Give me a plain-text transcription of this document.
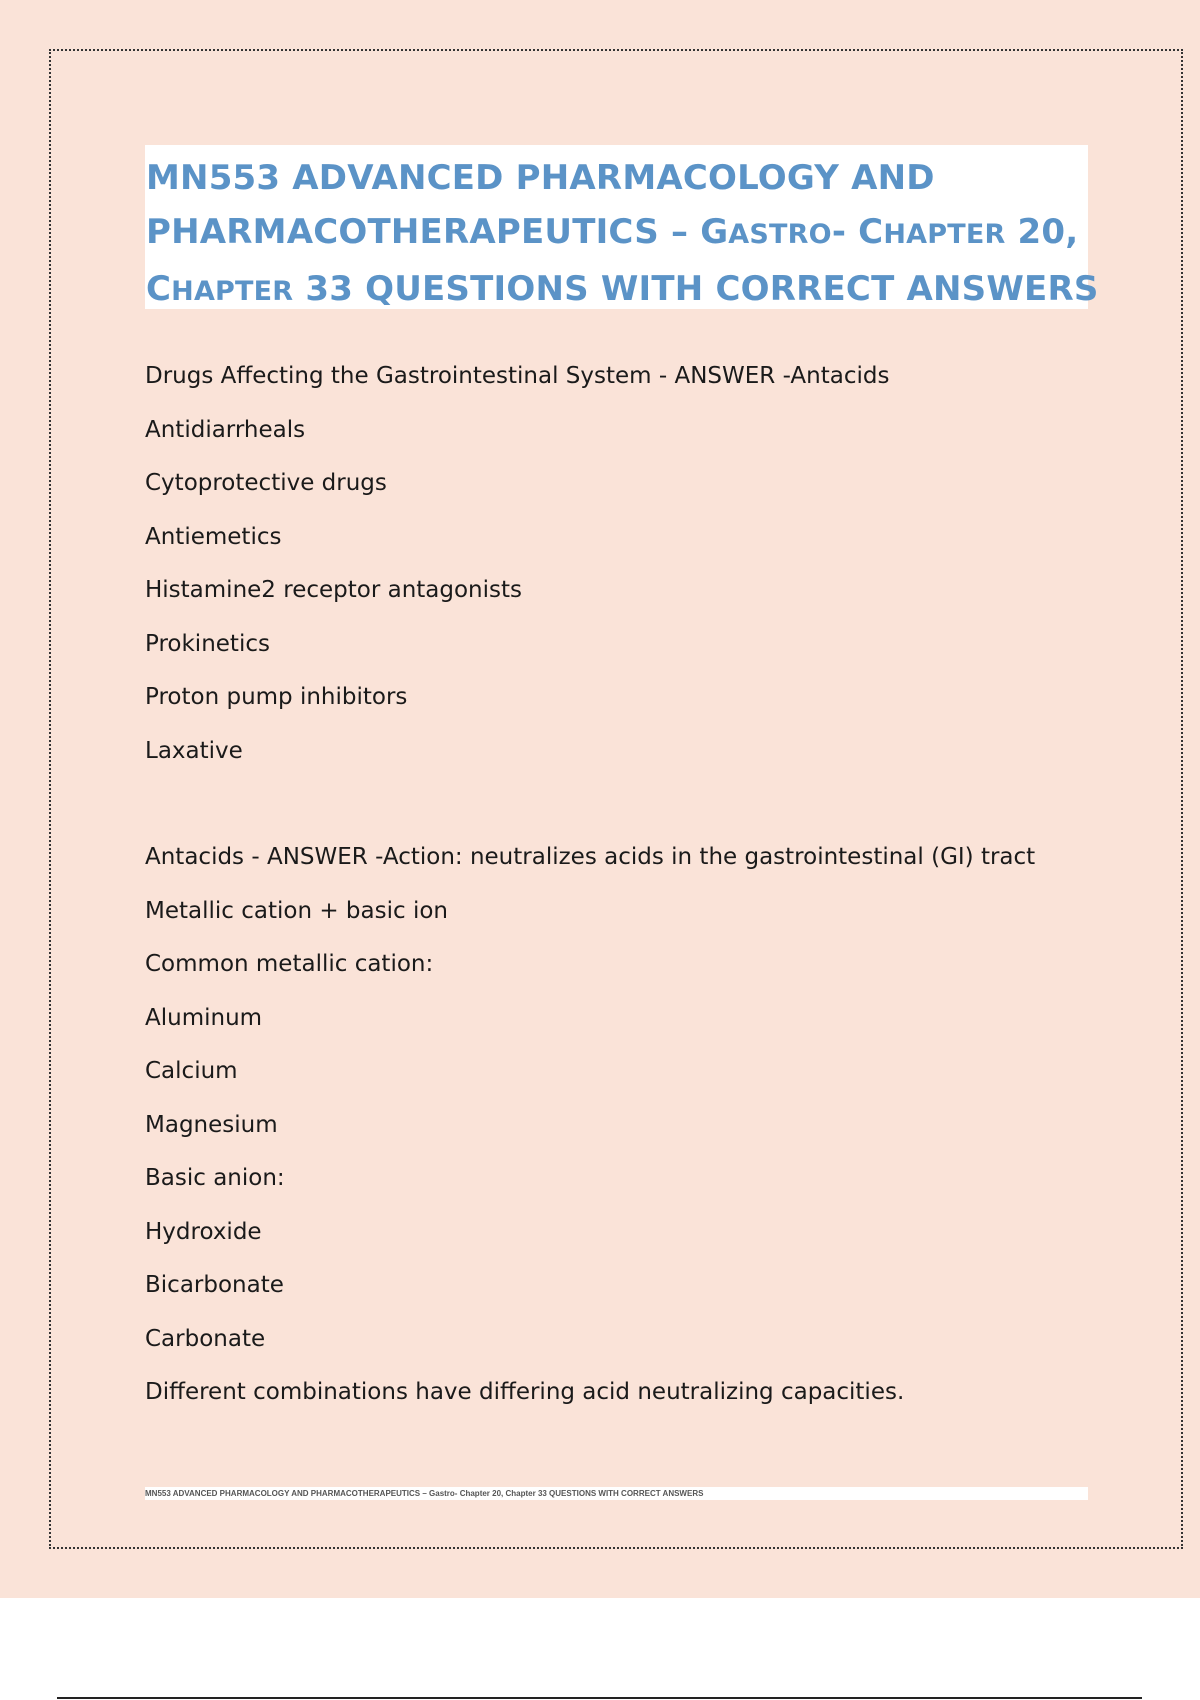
MN553 ADVANCED PHARMACOLOGY AND
PHARMACOTHERAPEUTICS – GASTRO- CHAPTER 20,
CHAPTER 33 QUESTIONS WITH CORRECT ANSWERS

Drugs Affecting the Gastrointestinal System - ANSWER -Antacids

Antidiarrheals

Cytoprotective drugs

Antiemetics

Histamine2 receptor antagonists

Prokinetics

Proton pump inhibitors

Laxative

Antacids - ANSWER -Action: neutralizes acids in the gastrointestinal (GI) tract

Metallic cation + basic ion

Common metallic cation:

Aluminum

Calcium

Magnesium

Basic anion:

Hydroxide

Bicarbonate

Carbonate

Different combinations have differing acid neutralizing capacities.

MN553 ADVANCED PHARMACOLOGY AND PHARMACOTHERAPEUTICS – Gastro- Chapter 20, Chapter 33 QUESTIONS WITH CORRECT ANSWERS
